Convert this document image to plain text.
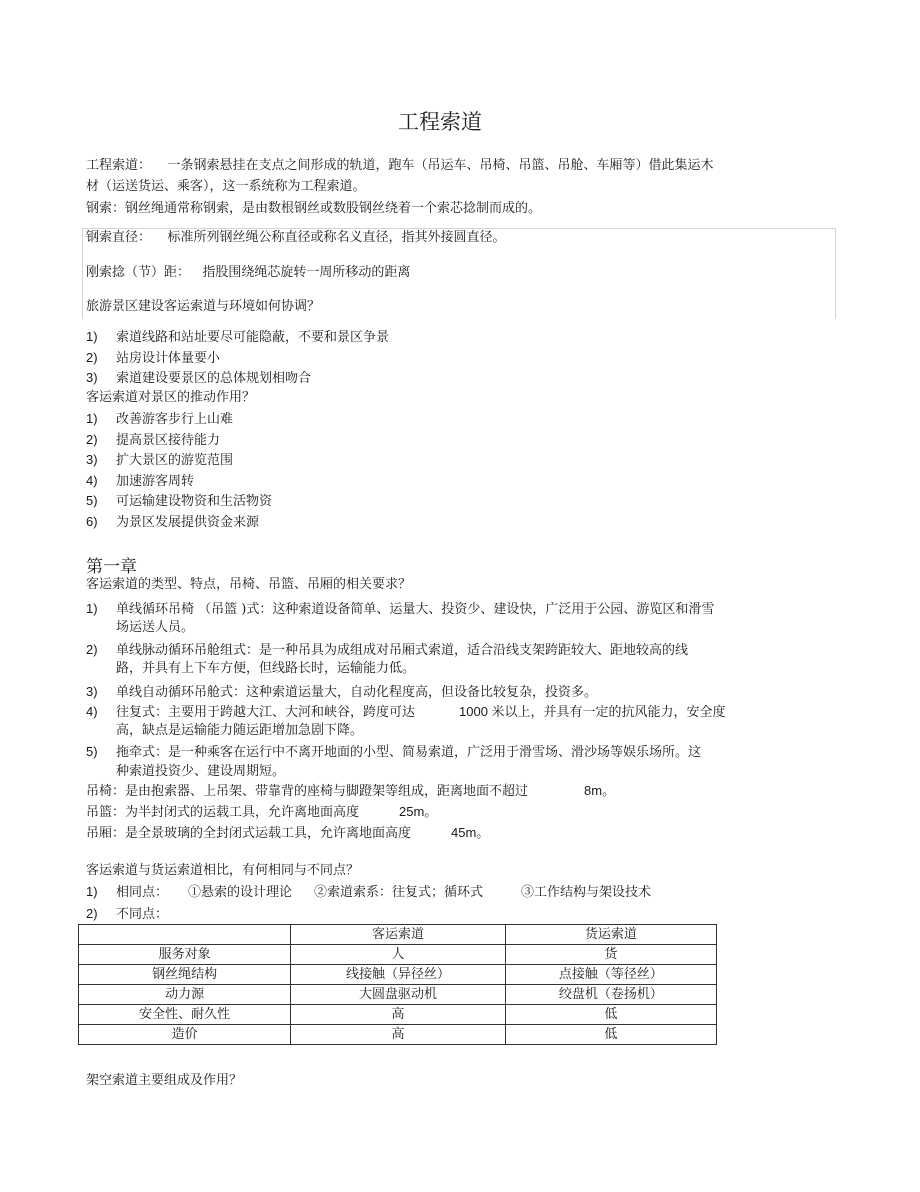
工程索道
工程索道： 一条钢索悬挂在支点之间形成的轨道，跑车（吊运车、吊椅、吊篮、吊舱、车厢等）借此集运木
材（运送货运、乘客），这一系统称为工程索道。
钢索：钢丝绳通常称钢索，是由数根钢丝或数股钢丝绕着一个索芯捻制而成的。
钢索直径： 标准所列钢丝绳公称直径或称名义直径，指其外接圆直径。
刚索捻（节）距： 指股围绕绳芯旋转一周所移动的距离
旅游景区建设客运索道与环境如何协调？
1) 索道线路和站址要尽可能隐蔽，不要和景区争景
2) 站房设计体量要小
3) 索道建设要景区的总体规划相吻合
客运索道对景区的推动作用？
1) 改善游客步行上山难
2) 提高景区接待能力
3) 扩大景区的游览范围
4) 加速游客周转
5) 可运输建设物资和生活物资
6) 为景区发展提供资金来源
第一章
客运索道的类型、特点，吊椅、吊篮、吊厢的相关要求？
1) 单线循环吊椅 （吊篮 )式：这种索道设备简单、运量大、投资少、建设快，广泛用于公园、游览区和滑雪
场运送人员。
2) 单线脉动循环吊舱组式：是一种吊具为成组成对吊厢式索道，适合沿线支架跨距较大、距地较高的线
路，并具有上下车方便，但线路长时，运输能力低。
3) 单线自动循环吊舱式：这种索道运量大，自动化程度高，但设备比较复杂，投资多。
4) 往复式：主要用于跨越大江、大河和峡谷，跨度可达	1000 米以上，并具有一定的抗风能力，安全度
高，缺点是运输能力随运距增加急剧下降。
5) 拖牵式：是一种乘客在运行中不离开地面的小型、简易索道，广泛用于滑雪场、滑沙场等娱乐场所。这
种索道投资少、建设周期短。
吊椅：是由抱索器、上吊架、带靠背的座椅与脚蹬架等组成，距离地面不超过	8m。
吊篮：为半封闭式的运载工具，允许离地面高度	25m。
吊厢：是全景玻璃的全封闭式运载工具，允许离地面高度	45m。
客运索道与货运索道相比，有何相同与不同点？
1) 相同点： ①悬索的设计理论 ②索道索系：往复式；循环式	③工作结构与架设技术
2) 不同点：
	客运索道	货运索道
服务对象	人	货
钢丝绳结构	线接触（异径丝）	点接触（等径丝）
动力源	大圆盘驱动机	绞盘机（卷扬机）
安全性、耐久性	高	低
造价	高	低
架空索道主要组成及作用？
